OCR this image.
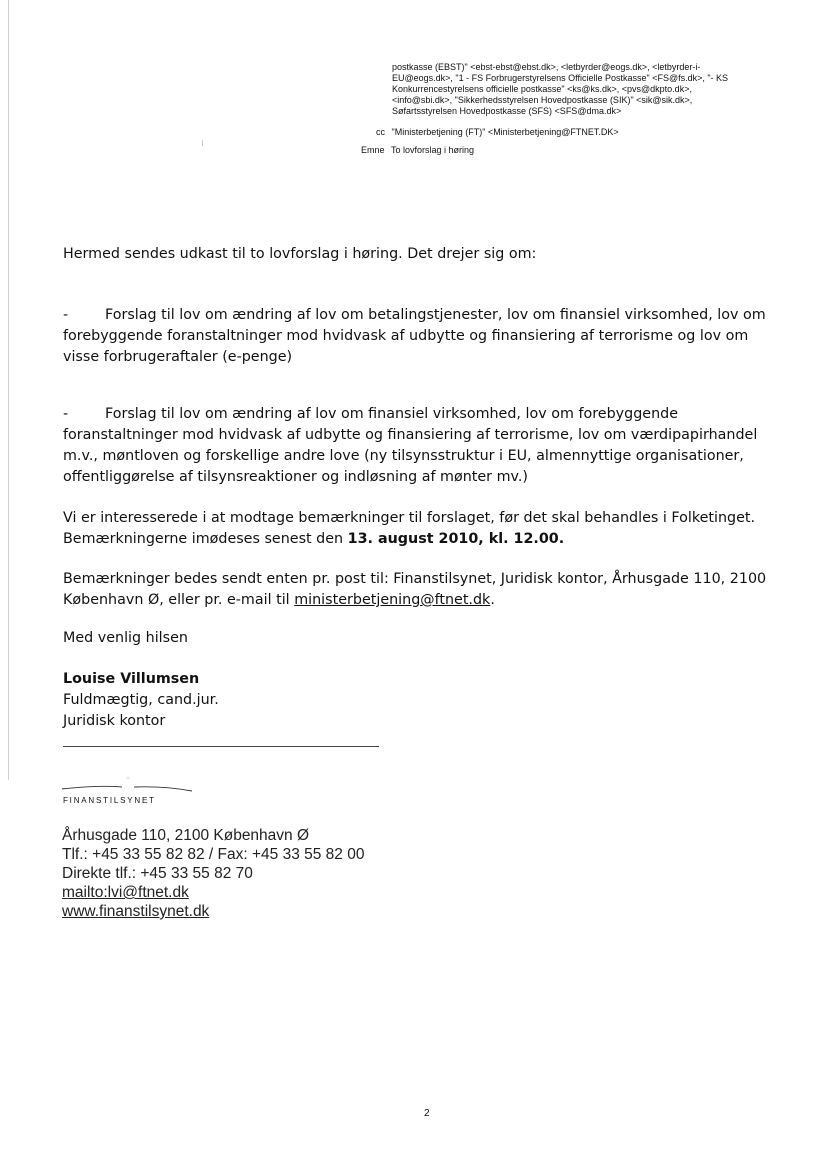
postkasse (EBST)" <ebst-ebst@ebst.dk>, <letbyrder@eogs.dk>, <letbyrder-i-
EU@eogs.dk>, "1 - FS Forbrugerstyrelsens Officielle Postkasse" <FS@fs.dk>, "- KS
Konkurrencestyrelsens officielle postkasse" <ks@ks.dk>, <pvs@dkpto.dk>,
<info@sbi.dk>, "Sikkerhedsstyrelsen Hovedpostkasse (SIK)" <sik@sik.dk>,
Søfartsstyrelsen Hovedpostkasse (SFS) <SFS@dma.dk>
cc "Ministerbetjening (FT)" <Ministerbetjening@FTNET.DK>
Emne To lovforslag i høring
Hermed sendes udkast til to lovforslag i høring. Det drejer sig om:
-	Forslag til lov om ændring af lov om betalingstjenester, lov om finansiel virksomhed, lov om forebyggende foranstaltninger mod hvidvask af udbytte og finansiering af terrorisme og lov om visse forbrugeraftaler (e-penge)
-	Forslag til lov om ændring af lov om finansiel virksomhed, lov om forebyggende foranstaltninger mod hvidvask af udbytte og finansiering af terrorisme, lov om værdipapirhandel m.v., møntloven og forskellige andre love (ny tilsynsstruktur i EU, almennyttige organisationer, offentliggørelse af tilsynsreaktioner og indløsning af mønter mv.)
Vi er interesserede i at modtage bemærkninger til forslaget, før det skal behandles i Folketinget. Bemærkningerne imødeses senest den 13. august 2010, kl. 12.00.
Bemærkninger bedes sendt enten pr. post til: Finanstilsynet, Juridisk kontor, Århusgade 110, 2100 København Ø, eller pr. e-mail til ministerbetjening@ftnet.dk.
Med venlig hilsen
Louise Villumsen
Fuldmægtig, cand.jur.
Juridisk kontor
FINANSTILSYNET
Århusgade 110, 2100 København Ø
Tlf.: +45 33 55 82 82 / Fax: +45 33 55 82 00
Direkte tlf.: +45 33 55 82 70
mailto:lvi@ftnet.dk
www.finanstilsynet.dk
2
